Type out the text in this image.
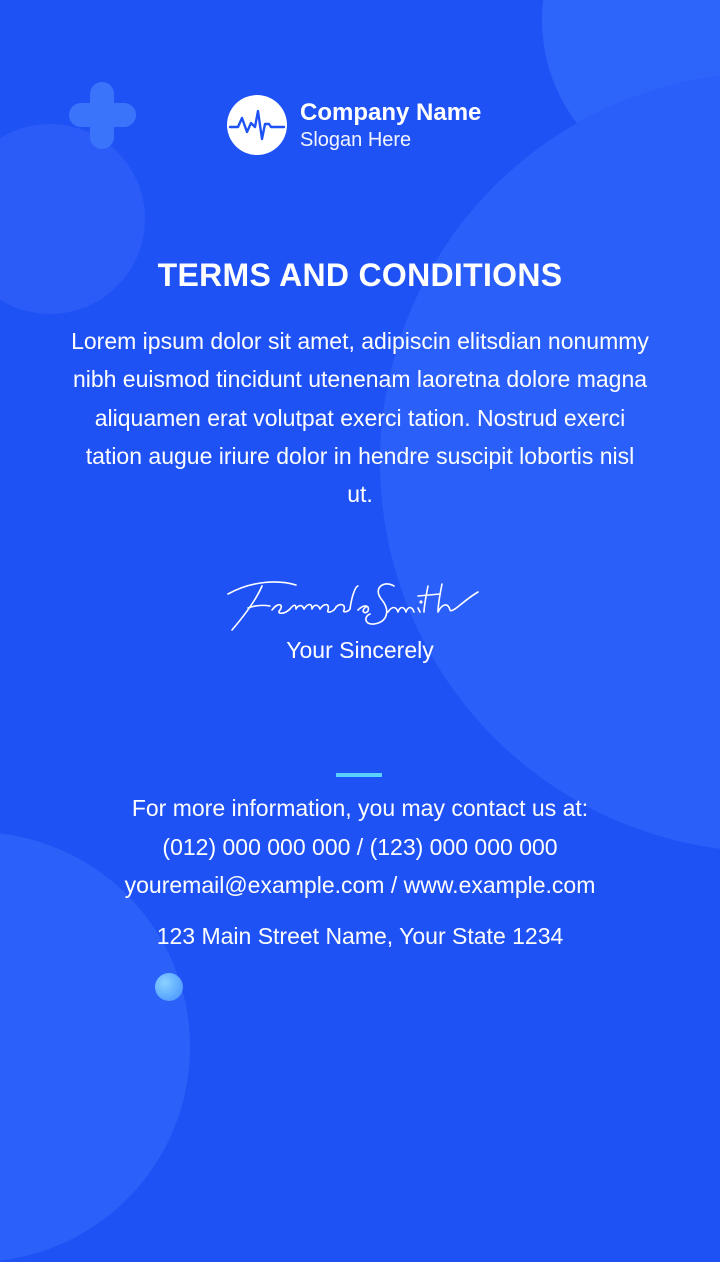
Company Name
Slogan Here
TERMS AND CONDITIONS
Lorem ipsum dolor sit amet, adipiscin elitsdian nonummy nibh euismod tincidunt utenenam laoretna dolore magna aliquamen erat volutpat exerci tation. Nostrud exerci tation augue iriure dolor in hendre suscipit lobortis nisl ut.
Your Sincerely
For more information, you may contact us at:
(012) 000 000 000 / (123) 000 000 000
youremail@example.com / www.example.com
123 Main Street Name, Your State 1234
